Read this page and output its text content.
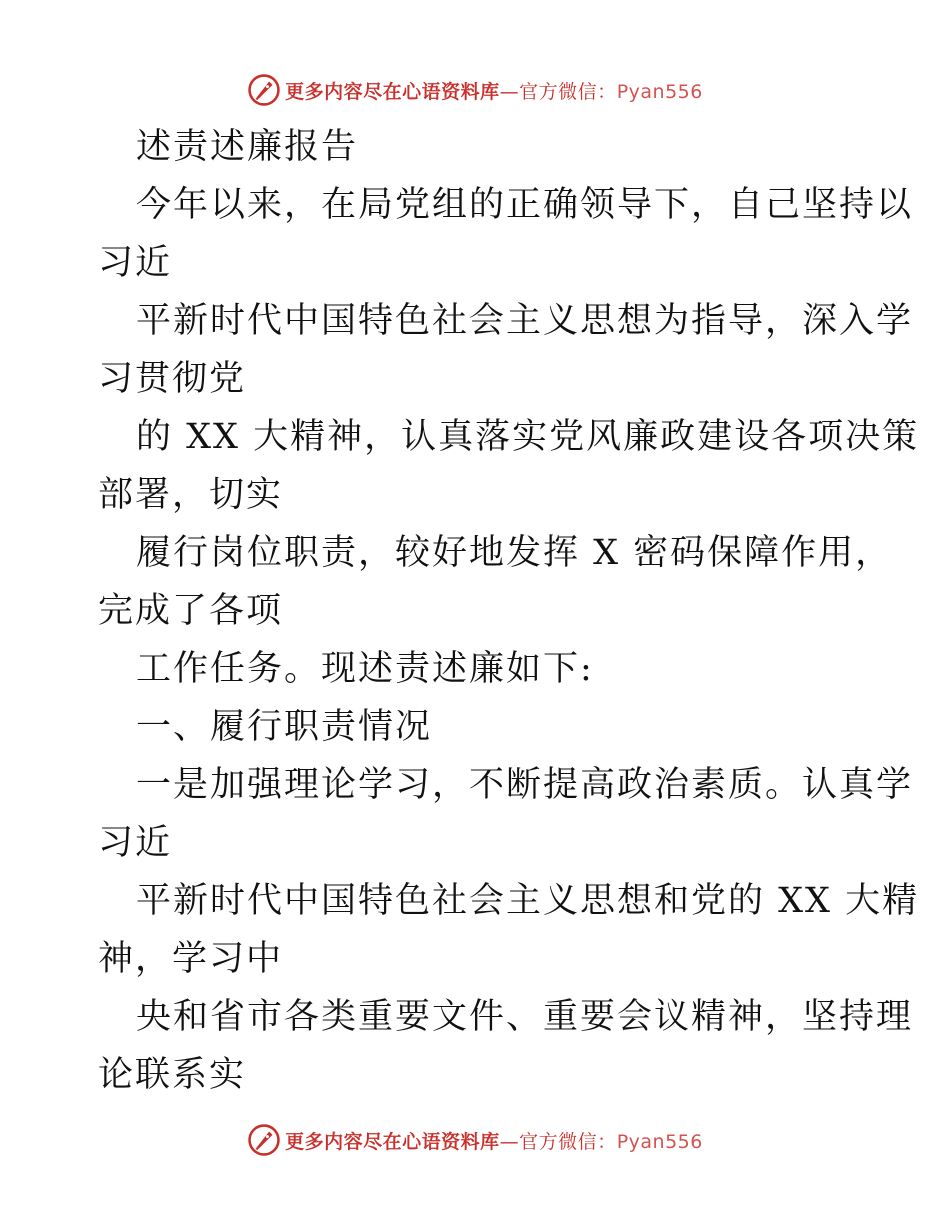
更多内容尽在心语资料库—官方微信：Pyan556
述责述廉报告
今年以来，在局党组的正确领导下，自己坚持以
习近
平新时代中国特色社会主义思想为指导，深入学
习贯彻党
的 XX 大精神，认真落实党风廉政建设各项决策
部署，切实
履行岗位职责，较好地发挥 X 密码保障作用，
完成了各项
工作任务。现述责述廉如下:
一、履行职责情况
一是加强理论学习，不断提高政治素质。认真学
习近
平新时代中国特色社会主义思想和党的 XX 大精
神，学习中
央和省市各类重要文件、重要会议精神，坚持理
论联系实
更多内容尽在心语资料库—官方微信：Pyan556
